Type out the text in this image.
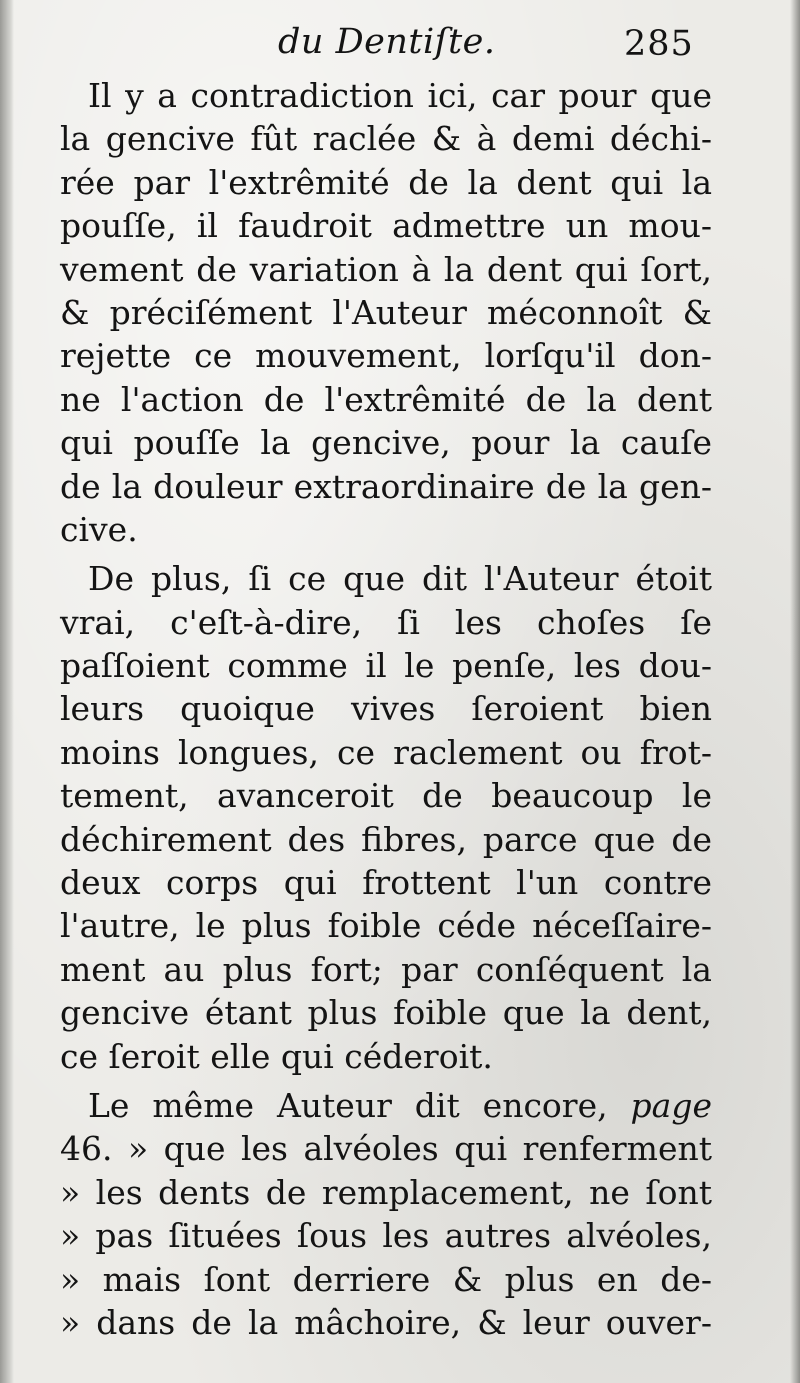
du Dentiſte.	285
Il y a contradiction ici, car pour que
la gencive fût raclée & à demi déchi-
rée par l'extrêmité de la dent qui la
pouſſe, il faudroit admettre un mou-
vement de variation à la dent qui ſort,
& préciſément l'Auteur méconnoît &
rejette ce mouvement, lorſqu'il don-
ne l'action de l'extrêmité de la dent
qui pouſſe la gencive, pour la cauſe
de la douleur extraordinaire de la gen-
cive.
De plus, ſi ce que dit l'Auteur étoit
vrai, c'eſt-à-dire, ſi les choſes ſe
paſſoient comme il le penſe, les dou-
leurs quoique vives ſeroient bien
moins longues, ce raclement ou frot-
tement, avanceroit de beaucoup le
déchirement des fibres, parce que de
deux corps qui frottent l'un contre
l'autre, le plus foible céde néceſſaire-
ment au plus fort; par conſéquent la
gencive étant plus foible que la dent,
ce ſeroit elle qui céderoit.
Le même Auteur dit encore, page
46. » que les alvéoles qui renferment
» les dents de remplacement, ne ſont
» pas ſituées ſous les autres alvéoles,
» mais ſont derriere & plus en de-
» dans de la mâchoire, & leur ouver-
